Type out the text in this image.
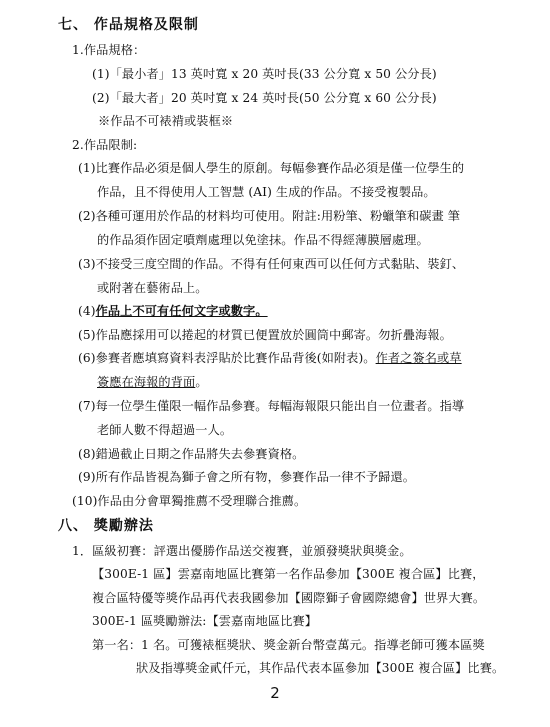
七、 作品規格及限制
1.作品規格：
(1)「最小者」13 英吋寬 x 20 英吋長(33 公分寬 x 50 公分長)
(2)「最大者」20 英吋寬 x 24 英吋長(50 公分寬 x 60 公分長)
※作品不可裱褙或裝框※
2.作品限制:
(1)比賽作品必須是個人學生的原創。每幅參賽作品必須是僅一位學生的
作品，且不得使用人工智慧 (AI) 生成的作品。不接受複製品。
(2)各種可運用於作品的材料均可使用。附註:用粉筆、粉蠟筆和碳畫 筆
的作品須作固定噴劑處理以免塗抹。作品不得經薄膜層處理。
(3)不接受三度空間的作品。不得有任何東西可以任何方式黏貼、裝釘、
或附著在藝術品上。
(4)作品上不可有任何文字或數字。
(5)作品應採用可以捲起的材質已便置放於圓筒中郵寄。勿折疊海報。
(6)參賽者應填寫資料表浮貼於比賽作品背後(如附表)。作者之簽名或草
簽應在海報的背面。
(7)每一位學生僅限一幅作品參賽。每幅海報限只能出自一位畫者。指導
老師人數不得超過一人。
(8)錯過截止日期之作品將失去參賽資格。
(9)所有作品皆視為獅子會之所有物，參賽作品一律不予歸還。
(10)作品由分會單獨推薦不受理聯合推薦。
八、 獎勵辦法
1．區級初賽：評選出優勝作品送交複賽，並頒發獎狀與獎金。
【300E-1 區】雲嘉南地區比賽第一名作品參加【300E 複合區】比賽，
複合區特優等獎作品再代表我國參加【國際獅子會國際總會】世界大賽。
300E-1 區獎勵辦法:【雲嘉南地區比賽】
第一名：1 名。可獲裱框獎狀、獎金新台幣壹萬元。指導老師可獲本區獎
狀及指導獎金貳仟元，其作品代表本區參加【300E 複合區】比賽。
2
